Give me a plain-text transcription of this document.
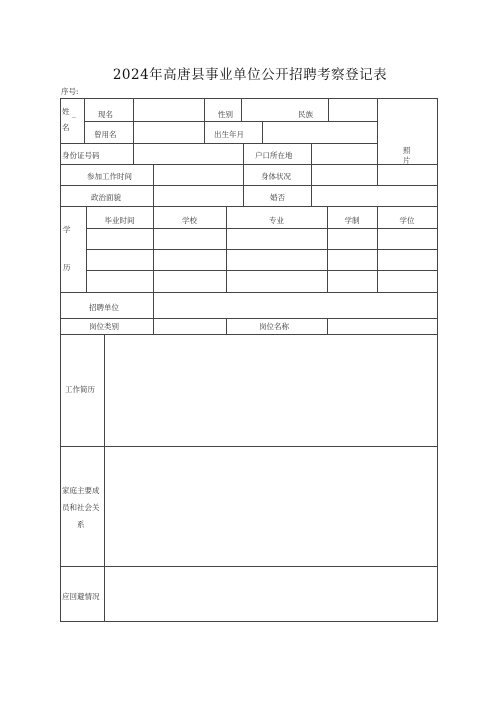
2024年高唐县事业单位公开招聘考察登记表
序号:
姓 _
名
现名	性别	民族
照
片
曾用名	出生年月
身份证号码	户口所在地
参加工作时间	身体状况
政治面貌	婚否
学
历
毕业时间	学校	专业	学制	学位
招聘单位
岗位类别	岗位名称
工作简历
家庭主要成
员和社会关
系
应回避情况
